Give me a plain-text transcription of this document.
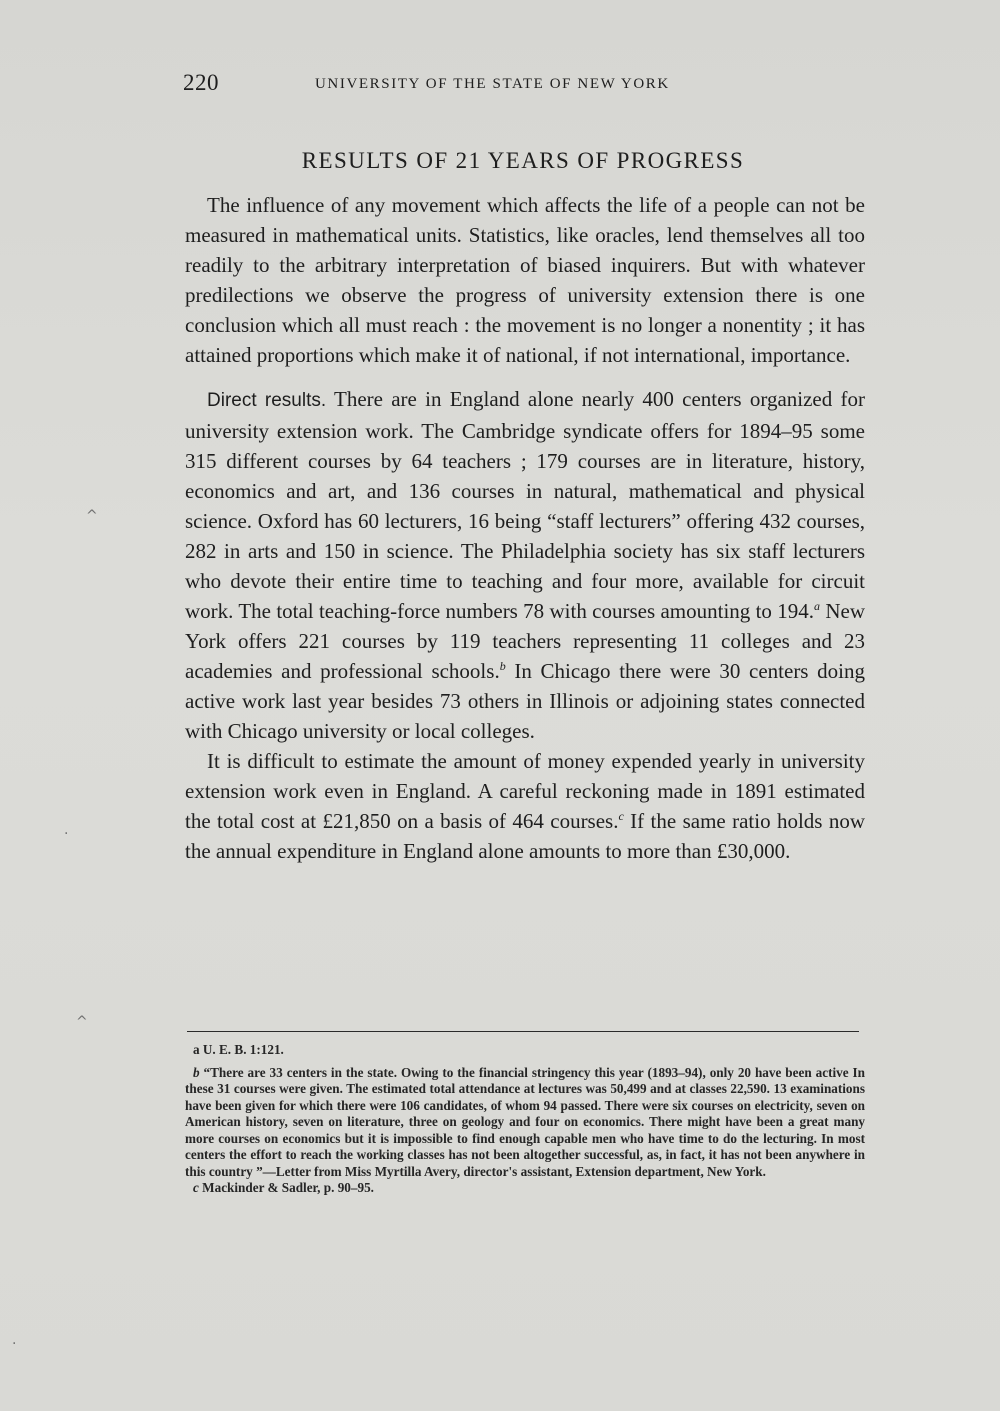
220	UNIVERSITY OF THE STATE OF NEW YORK
RESULTS OF 21 YEARS OF PROGRESS

The influence of any movement which affects the life of a people can not be measured in mathematical units. Statistics, like oracles, lend themselves all too readily to the arbitrary interpretation of biased inquirers. But with whatever predilections we observe the progress of university extension there is one conclusion which all must reach : the movement is no longer a nonentity ; it has attained proportions which make it of national, if not international, importance.

Direct results. There are in England alone nearly 400 centers organized for university extension work. The Cambridge syndicate offers for 1894–95 some 315 different courses by 64 teachers ; 179 courses are in literature, history, economics and art, and 136 courses in natural, mathematical and physical science. Oxford has 60 lecturers, 16 being “staff lecturers” offering 432 courses, 282 in arts and 150 in science. The Philadelphia society has six staff lecturers who devote their entire time to teaching and four more, available for circuit work. The total teaching-force numbers 78 with courses amounting to 194.$^a$ New York offers 221 courses by 119 teachers representing 11 colleges and 23 academies and professional schools.$^b$ In Chicago there were 30 centers doing active work last year besides 73 others in Illinois or adjoining states connected with Chicago university or local colleges.

It is difficult to estimate the amount of money expended yearly in university extension work even in England. A careful reckoning made in 1891 estimated the total cost at £21,850 on a basis of 464 courses.$^c$ If the same ratio holds now the annual expenditure in England alone amounts to more than £30,000.

a U. E. B. 1:121.

b “There are 33 centers in the state. Owing to the financial stringency this year (1893–94), only 20 have been active In these 31 courses were given. The estimated total attendance at lectures was 50,499 and at classes 22,590. 13 examinations have been given for which there were 106 candidates, of whom 94 passed. There were six courses on electricity, seven on American history, seven on literature, three on geology and four on economics. There might have been a great many more courses on economics but it is impossible to find enough capable men who have time to do the lecturing. In most centers the effort to reach the working classes has not been altogether successful, as, in fact, it has not been anywhere in this country ”—Letter from Miss Myrtilla Avery, director's assistant, Extension department, New York.

c Mackinder & Sadler, p. 90–95.

^
·
^
·
